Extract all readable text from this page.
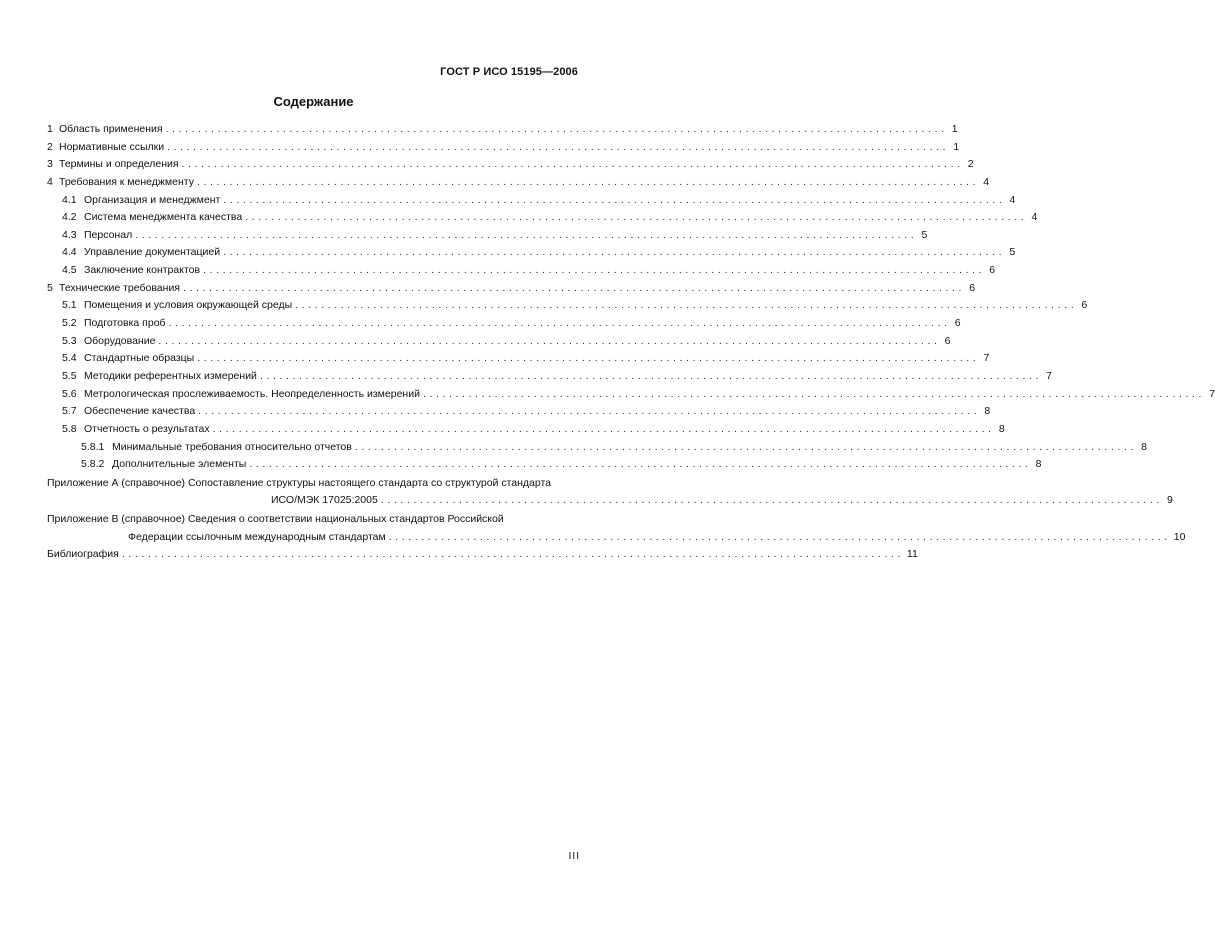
ГОСТ Р ИСО 15195—2006
Содержание
1 Область применения ........................................................................................................................ 1
2 Нормативные ссылки ........................................................................................................................ 1
3 Термины и определения ........................................................................................................................ 2
4 Требования к менеджменту ........................................................................................................................ 4
4.1 Организация и менеджмент ........................................................................................................................ 4
4.2 Система менеджмента качества ........................................................................................................................ 4
4.3 Персонал ........................................................................................................................ 5
4.4 Управление документацией ........................................................................................................................ 5
4.5 Заключение контрактов ........................................................................................................................ 6
5 Технические требования ........................................................................................................................ 6
5.1 Помещения и условия окружающей среды ........................................................................................................................ 6
5.2 Подготовка проб ........................................................................................................................ 6
5.3 Оборудование ........................................................................................................................ 6
5.4 Стандартные образцы ........................................................................................................................ 7
5.5 Методики референтных измерений ........................................................................................................................ 7
5.6 Метрологическая прослеживаемость. Неопределенность измерений ........................................................................................................................ 7
5.7 Обеспечение качества ........................................................................................................................ 8
5.8 Отчетность о результатах ........................................................................................................................ 8
5.8.1 Минимальные требования относительно отчетов ........................................................................................................................ 8
5.8.2 Дополнительные элементы ........................................................................................................................ 8
Приложение А (справочное) Сопоставление структуры настоящего стандарта со структурой стандарта
ИСО/МЭК 17025:2005 ........................................................................................................................ 9
Приложение В (справочное) Сведения о соответствии национальных стандартов Российской
Федерации ссылочным международным стандартам ........................................................................................................................ 10
Библиография ........................................................................................................................ 11
III
